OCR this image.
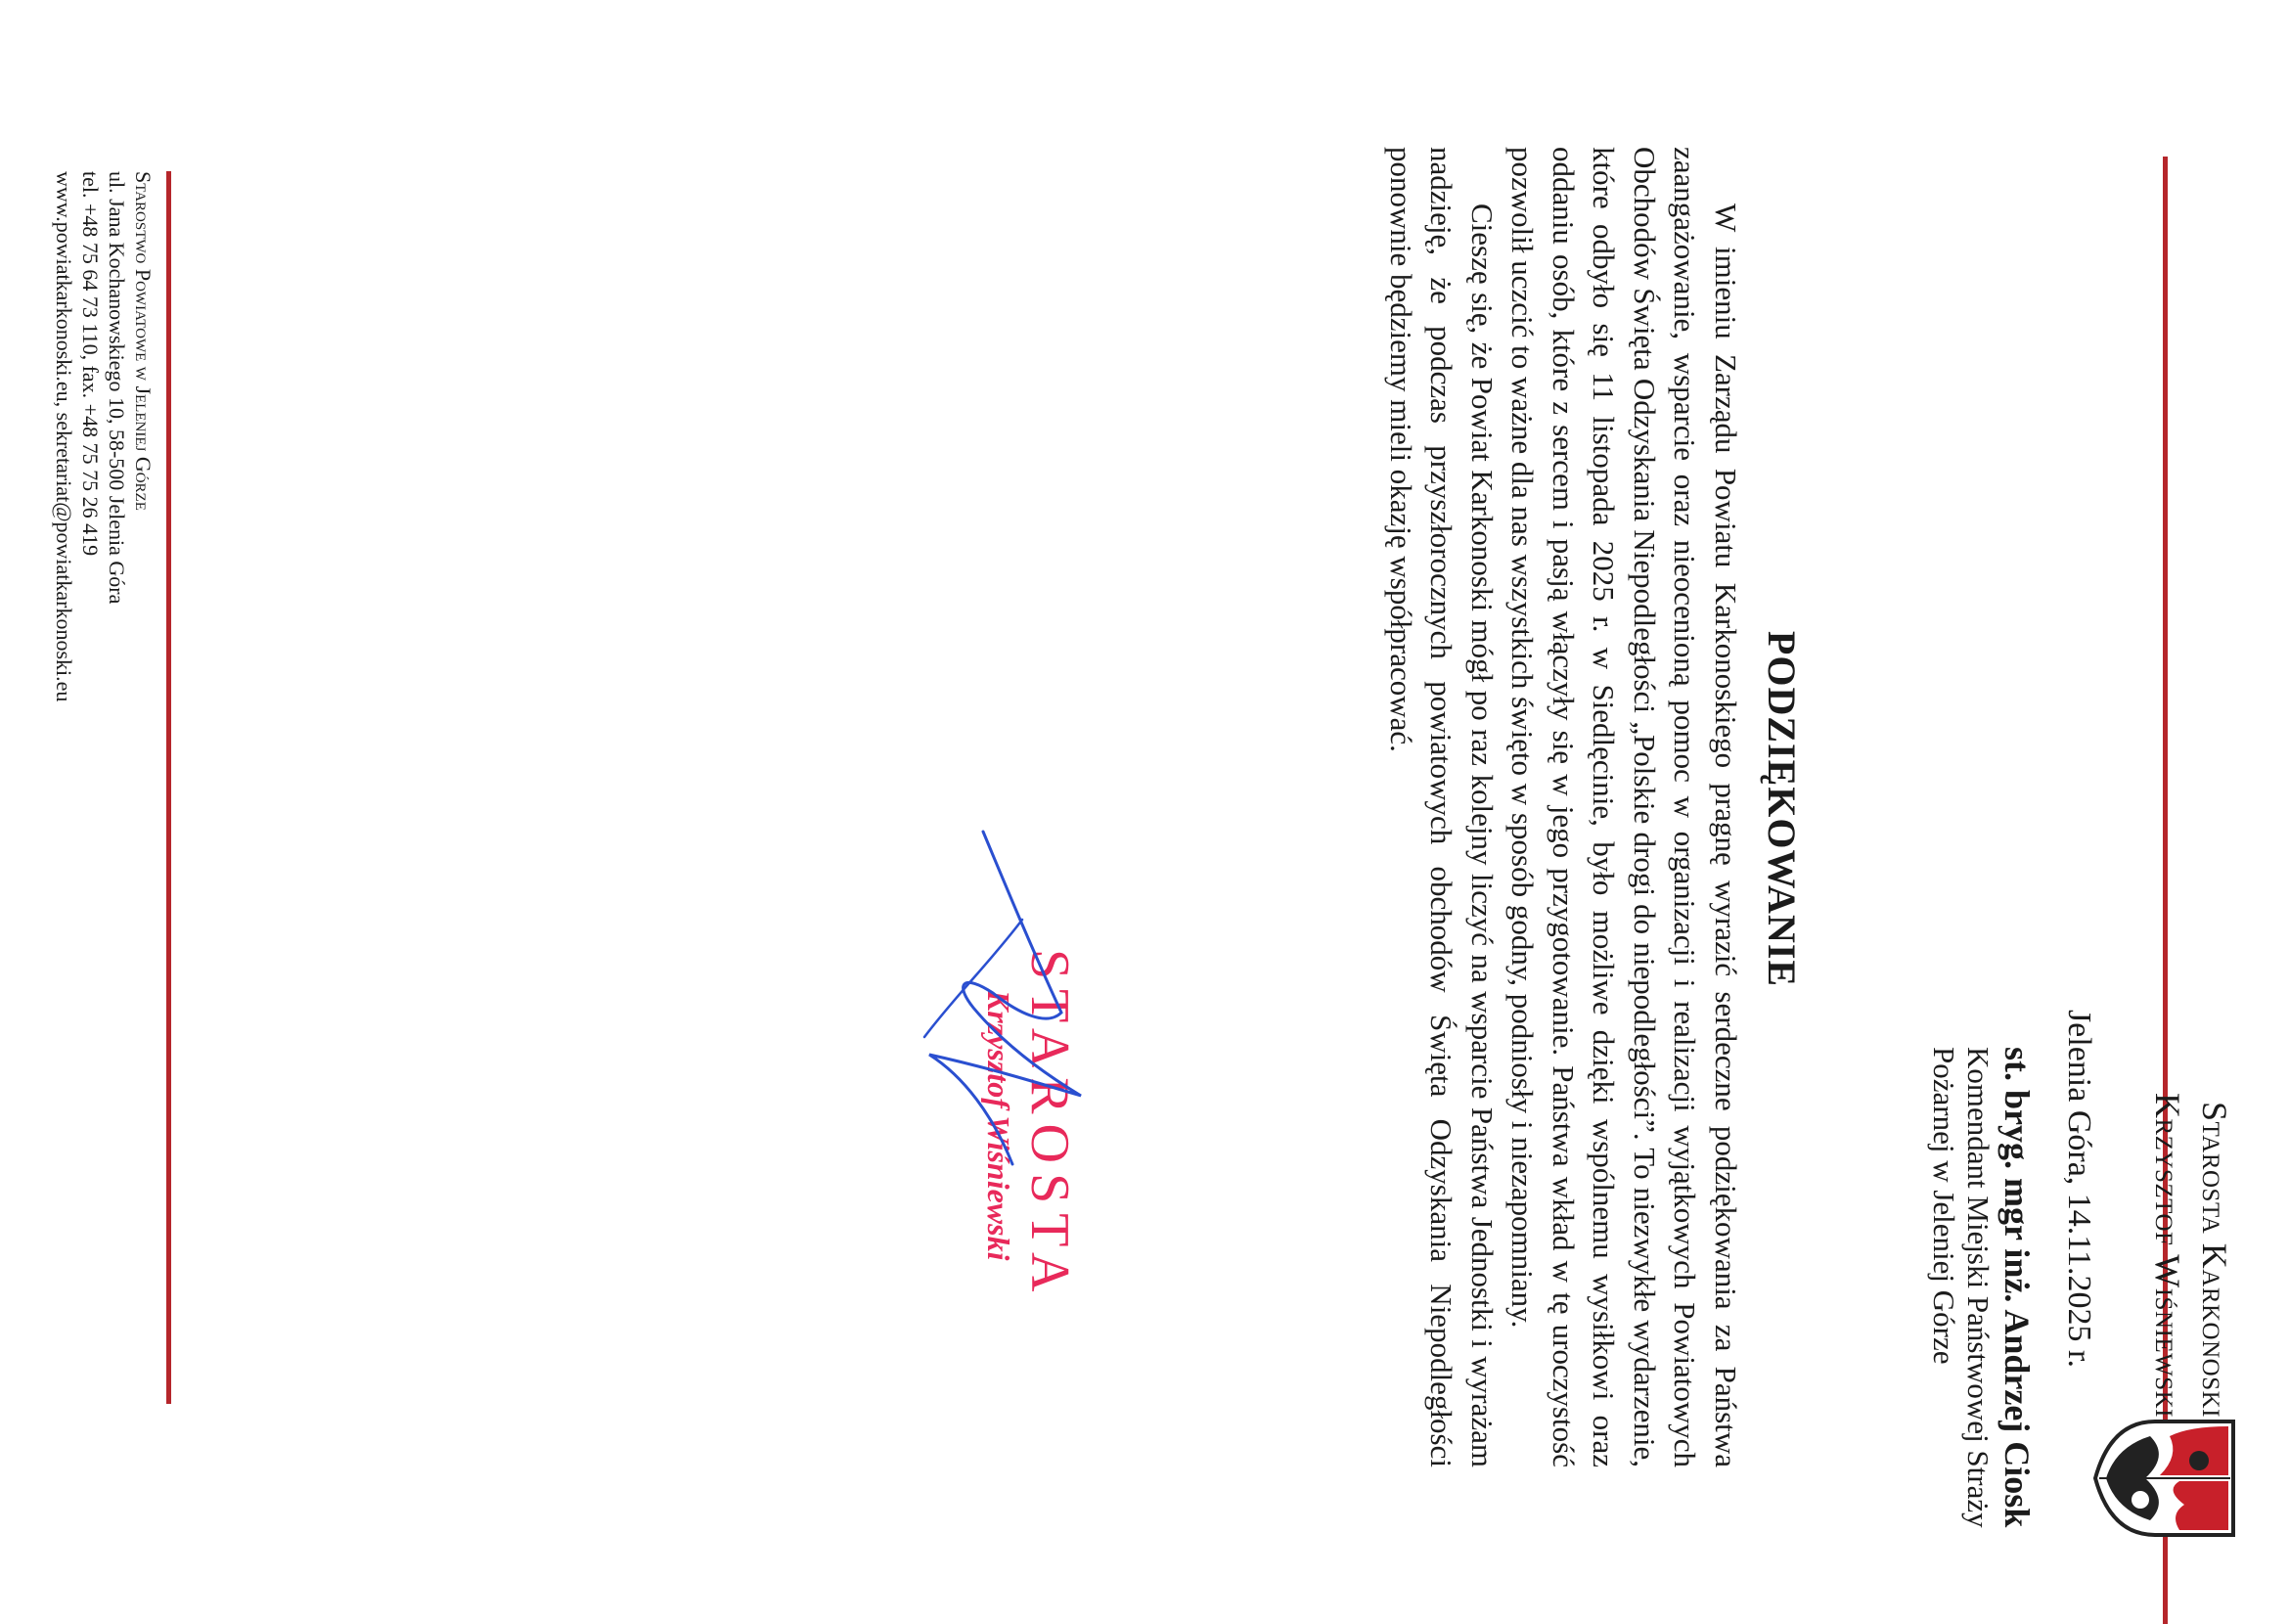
Starosta Karkonoski
Krzysztof Wiśniewski
Jelenia Góra, 14.11.2025 r.
st. bryg. mgr inż. Andrzej Ciosk
Komendant Miejski Państwowej Straży
Pożarnej w Jeleniej Górze
PODZIĘKOWANIE

W imieniu Zarządu Powiatu Karkonoskiego pragnę wyrazić serdeczne podziękowania za Państwa zaangażowanie, wsparcie oraz nieocenioną pomoc w organizacji i realizacji wyjątkowych Powiatowych Obchodów Święta Odzyskania Niepodległości „Polskie drogi do niepodległości”. To niezwykłe wydarzenie, które odbyło się 11 listopada 2025 r. w Siedlęcinie, było możliwe dzięki wspólnemu wysiłkowi oraz oddaniu osób, które z sercem i pasją włączyły się w jego przygotowanie. Państwa wkład w tę uroczystość pozwolił uczcić to ważne dla nas wszystkich święto w sposób godny, podniosły i niezapomniany.

Cieszę się, że Powiat Karkonoski mógł po raz kolejny liczyć na wsparcie Państwa Jednostki i wyrażam nadzieję, że podczas przyszłorocznych powiatowych obchodów Święta Odzyskania Niepodległości ponownie będziemy mieli okazję współpracować.

STAROSTA
Krzysztof Wiśniewski
Starostwo Powiatowe w Jeleniej Górze
ul. Jana Kochanowskiego 10, 58-500 Jelenia Góra
tel. +48 75 64 73 110, fax. +48 75 75 26 419
www.powiatkarkonoski.eu, sekretariat@powiatkarkonoski.eu
